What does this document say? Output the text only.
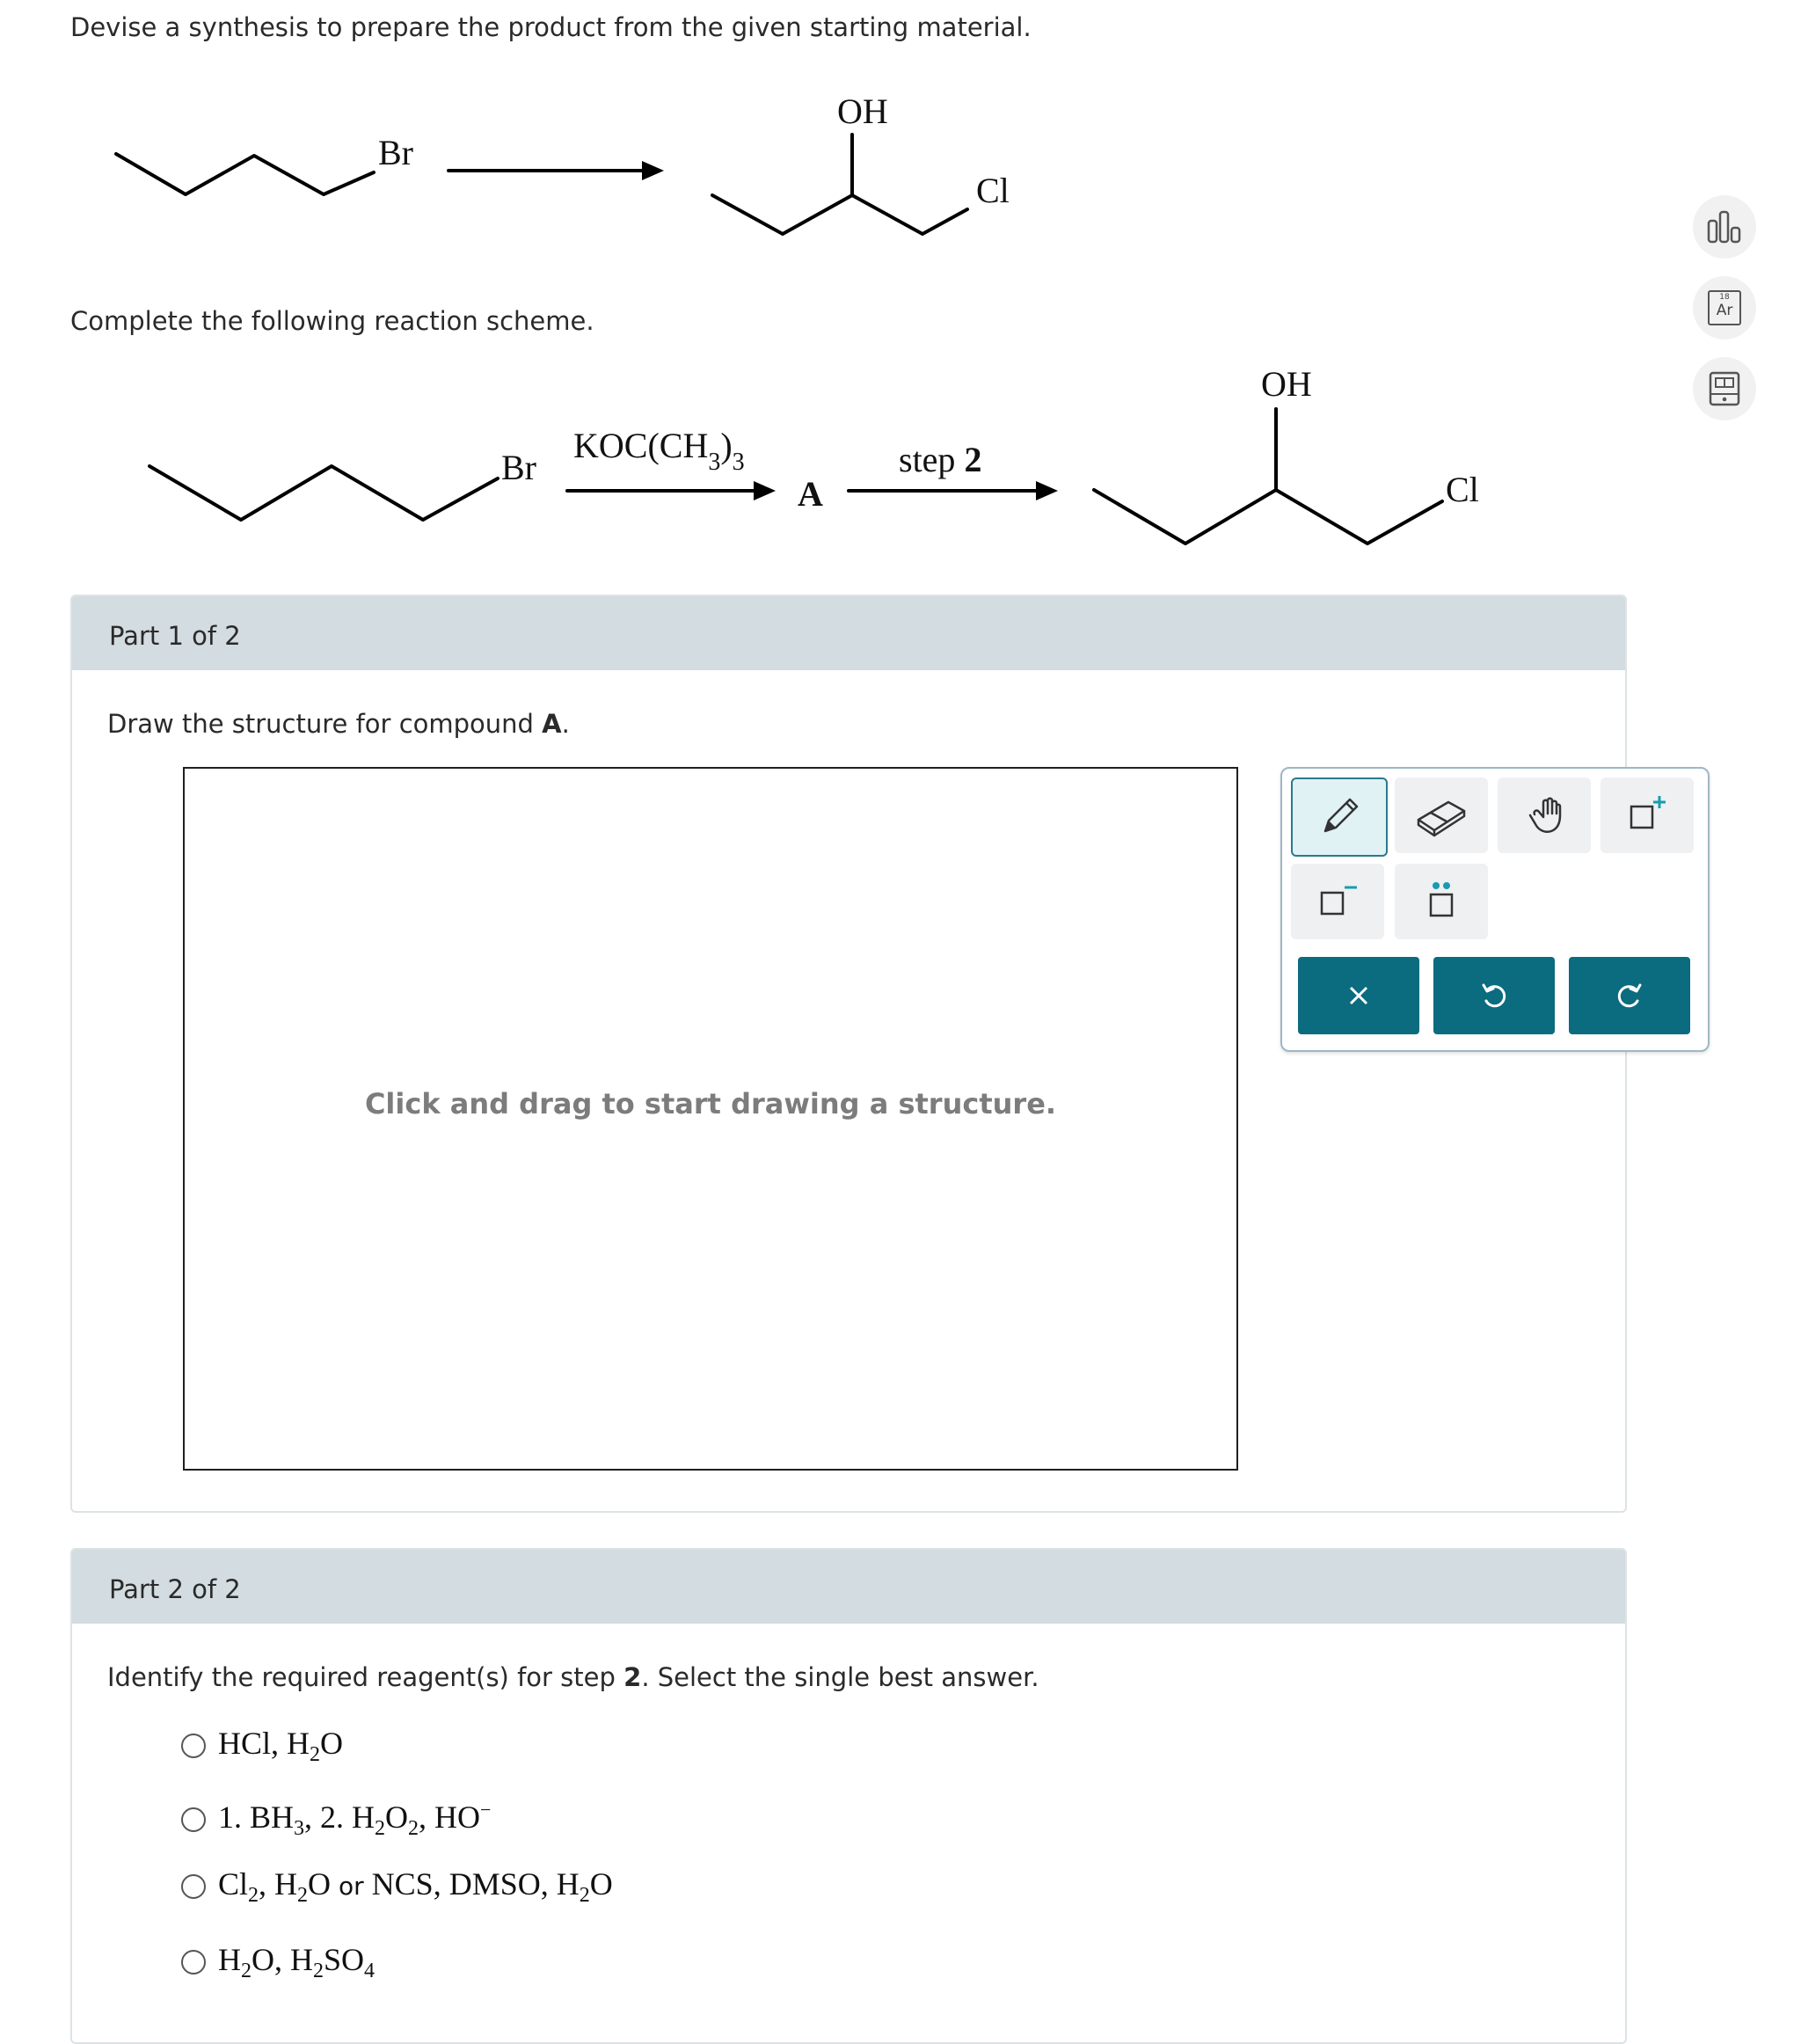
Devise a synthesis to prepare the product from the given starting material.
Br
OH
Cl
Complete the following reaction scheme.
Br
$KOC(CH_3)_3$
A
step 2
OH
Cl
18
Ar
Part 1 of 2
Draw the structure for compound A.
Click and drag to start drawing a structure.
Part 2 of 2
Identify the required reagent(s) for step 2. Select the single best answer.
HCl, $H_2O$
1. $BH_3$, 2. $H_2O_2$, HO−
$Cl_2$, $H_2O$ or NCS, DMSO, $H_2O$
$H_2O$, $H_2SO_4$
